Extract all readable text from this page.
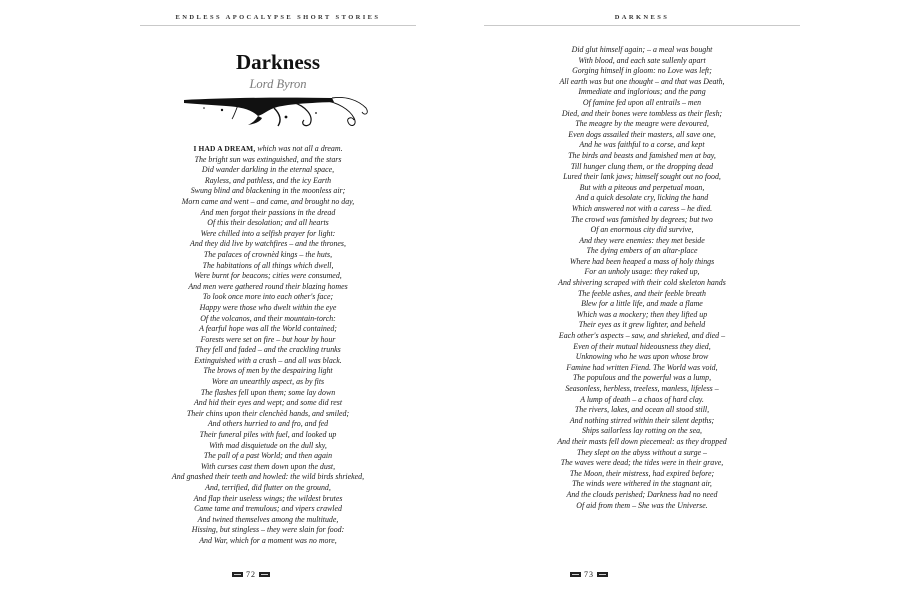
ENDLESS APOCALYPSE SHORT STORIES
Darkness
Lord Byron
I HAD A DREAM, which was not all a dream.
The bright sun was extinguished, and the stars
Did wander darkling in the eternal space,
Rayless, and pathless, and the icy Earth
Swung blind and blackening in the moonless air;
Morn came and went – and came, and brought no day,
And men forgot their passions in the dread
Of this their desolation; and all hearts
Were chilled into a selfish prayer for light:
And they did live by watchfires – and the thrones,
The palaces of crownèd kings – the huts,
The habitations of all things which dwell,
Were burnt for beacons; cities were consumed,
And men were gathered round their blazing homes
To look once more into each other's face;
Happy were those who dwelt within the eye
Of the volcanos, and their mountain-torch:
A fearful hope was all the World contained;
Forests were set on fire – but hour by hour
They fell and faded – and the crackling trunks
Extinguished with a crash – and all was black.
The brows of men by the despairing light
Wore an unearthly aspect, as by fits
The flashes fell upon them; some lay down
And hid their eyes and wept; and some did rest
Their chins upon their clenchèd hands, and smiled;
And others hurried to and fro, and fed
Their funeral piles with fuel, and looked up
With mad disquietude on the dull sky,
The pall of a past World; and then again
With curses cast them down upon the dust,
And gnashed their teeth and howled: the wild birds shrieked,
And, terrified, did flutter on the ground,
And flap their useless wings; the wildest brutes
Came tame and tremulous; and vipers crawled
And twined themselves among the multitude,
Hissing, but stingless – they were slain for food:
And War, which for a moment was no more,
72
DARKNESS
Did glut himself again; – a meal was bought
With blood, and each sate sullenly apart
Gorging himself in gloom: no Love was left;
All earth was but one thought – and that was Death,
Immediate and inglorious; and the pang
Of famine fed upon all entrails – men
Died, and their bones were tombless as their flesh;
The meagre by the meagre were devoured,
Even dogs assailed their masters, all save one,
And he was faithful to a corse, and kept
The birds and beasts and famished men at bay,
Till hunger clung them, or the dropping dead
Lured their lank jaws; himself sought out no food,
But with a piteous and perpetual moan,
And a quick desolate cry, licking the hand
Which answered not with a caress – he died.
The crowd was famished by degrees; but two
Of an enormous city did survive,
And they were enemies: they met beside
The dying embers of an altar-place
Where had been heaped a mass of holy things
For an unholy usage: they raked up,
And shivering scraped with their cold skeleton hands
The feeble ashes, and their feeble breath
Blew for a little life, and made a flame
Which was a mockery; then they lifted up
Their eyes as it grew lighter, and beheld
Each other's aspects – saw, and shrieked, and died –
Even of their mutual hideousness they died,
Unknowing who he was upon whose brow
Famine had written Fiend. The World was void,
The populous and the powerful was a lump,
Seasonless, herbless, treeless, manless, lifeless –
A lump of death – a chaos of hard clay.
The rivers, lakes, and ocean all stood still,
And nothing stirred within their silent depths;
Ships sailorless lay rotting on the sea,
And their masts fell down piecemeal: as they dropped
They slept on the abyss without a surge –
The waves were dead; the tides were in their grave,
The Moon, their mistress, had expired before;
The winds were withered in the stagnant air,
And the clouds perished; Darkness had no need
Of aid from them – She was the Universe.
73
